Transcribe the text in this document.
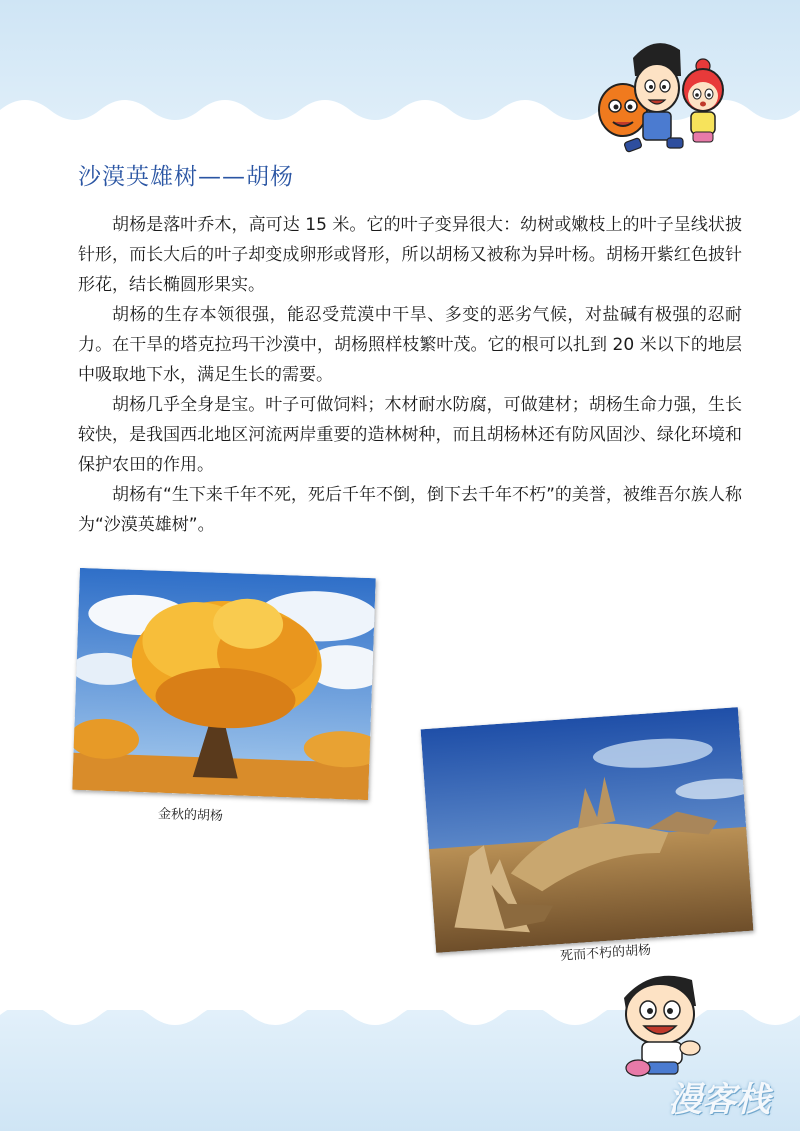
沙漠英雄树——胡杨

胡杨是落叶乔木，高可达 15 米。它的叶子变异很大：幼树或嫩枝上的叶子呈线状披针形，而长大后的叶子却变成卵形或肾形，所以胡杨又被称为异叶杨。胡杨开紫红色披针形花，结长椭圆形果实。

胡杨的生存本领很强，能忍受荒漠中干旱、多变的恶劣气候，对盐碱有极强的忍耐力。在干旱的塔克拉玛干沙漠中，胡杨照样枝繁叶茂。它的根可以扎到 20 米以下的地层中吸取地下水，满足生长的需要。

胡杨几乎全身是宝。叶子可做饲料；木材耐水防腐，可做建材；胡杨生命力强，生长较快，是我国西北地区河流两岸重要的造林树种，而且胡杨林还有防风固沙、绿化环境和保护农田的作用。

胡杨有“生下来千年不死，死后千年不倒，倒下去千年不朽”的美誉，被维吾尔族人称为“沙漠英雄树”。

金秋的胡杨
死而不朽的胡杨
漫客栈
